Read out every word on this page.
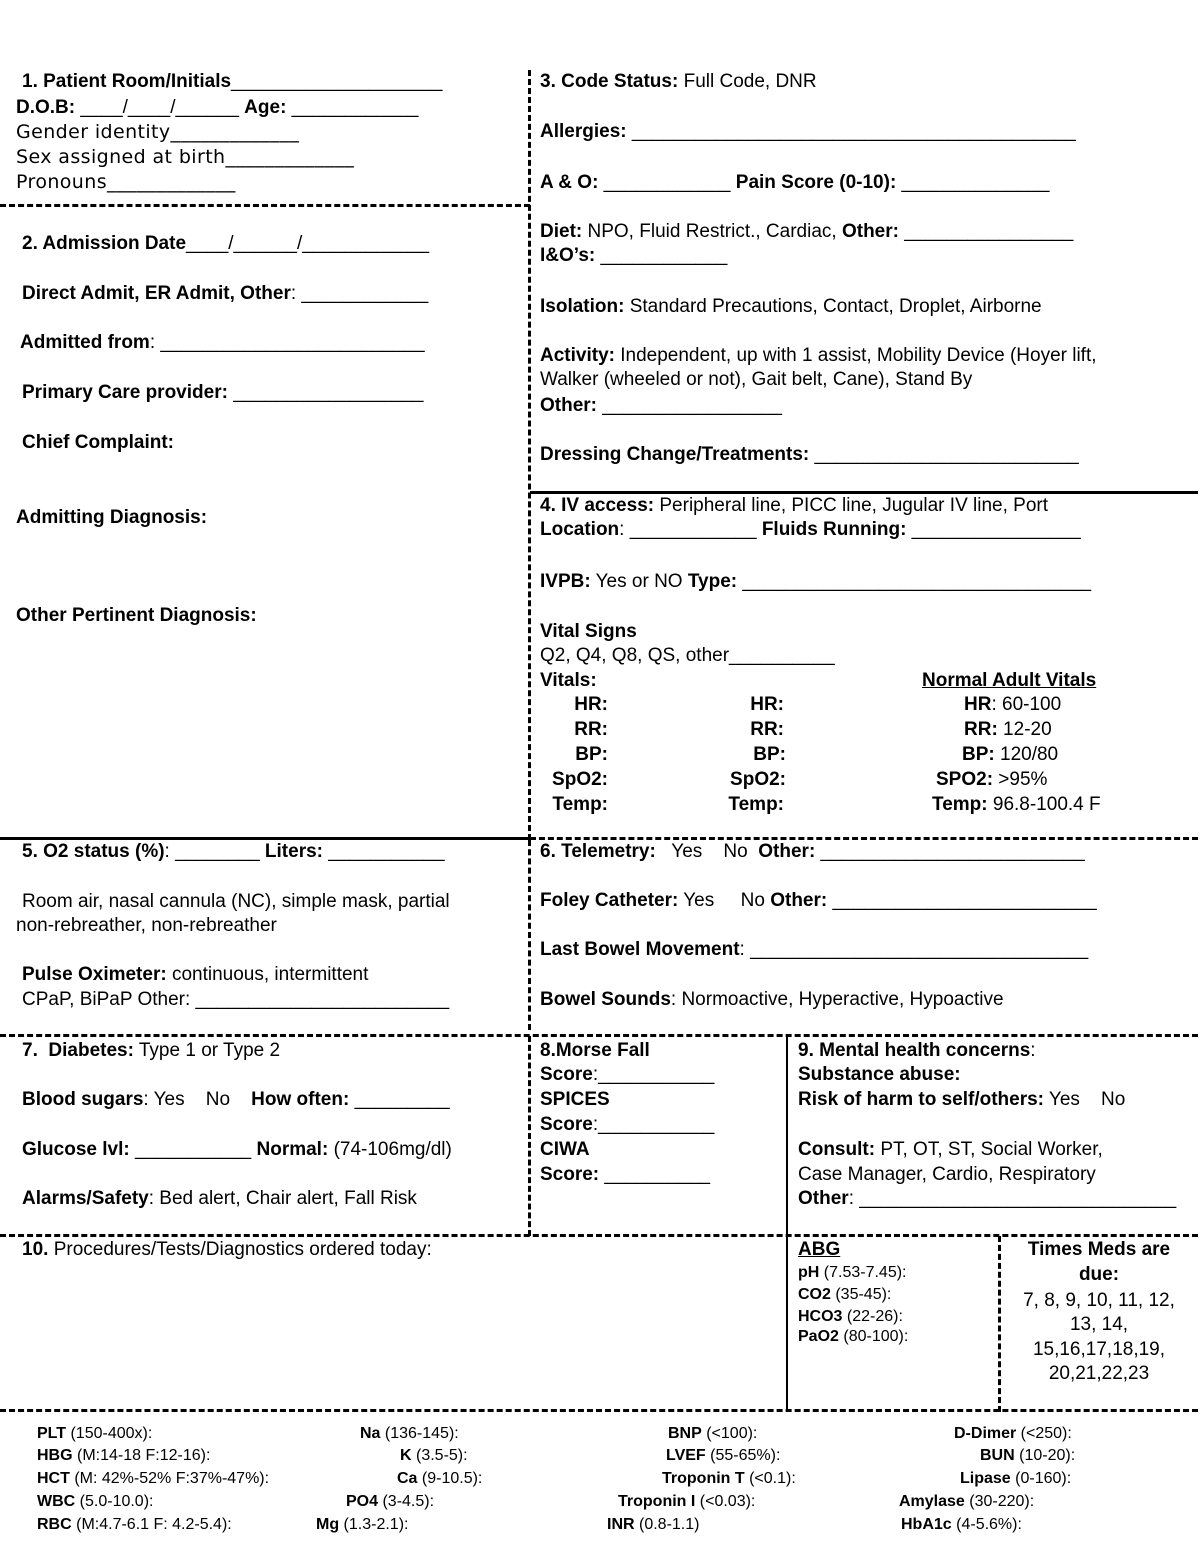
1. Patient Room/Initials____________________
D.O.B: ____/____/______ Age: ____________
Gender identity_____________
Sex assigned at birth_____________
Pronouns_____________
2. Admission Date____/______/____________
Direct Admit, ER Admit, Other: ____________
Admitted from: _________________________
Primary Care provider: __________________
Chief Complaint:
Admitting Diagnosis:
Other Pertinent Diagnosis:
3. Code Status: Full Code, DNR
Allergies: __________________________________________
A & O: ____________ Pain Score (0-10): ______________
Diet: NPO, Fluid Restrict., Cardiac, Other: ________________
I&O’s: ____________
Isolation: Standard Precautions, Contact, Droplet, Airborne
Activity: Independent, up with 1 assist, Mobility Device (Hoyer lift,
Walker (wheeled or not), Gait belt, Cane), Stand By
Other: _________________
Dressing Change/Treatments: _________________________
4. IV access: Peripheral line, PICC line, Jugular IV line, Port
Location: ____________ Fluids Running: ________________
IVPB: Yes or NO Type: _________________________________
Vital Signs
Q2, Q4, Q8, QS, other__________
Vitals:
HR:
RR:
BP:
SpO2:
Temp:
HR:
RR:
BP:
SpO2:
Temp:
Normal Adult Vitals
HR: 60-100
RR: 12-20
BP: 120/80
SPO2: >95%
Temp: 96.8-100.4 F
5. O2 status (%): ________ Liters: ___________
Room air, nasal cannula (NC), simple mask, partial
non-rebreather, non-rebreather
Pulse Oximeter: continuous, intermittent
CPaP, BiPaP Other: ________________________
6. Telemetry:   Yes    No  Other: _________________________
Foley Catheter: Yes     No Other: _________________________
Last Bowel Movement: ________________________________
Bowel Sounds: Normoactive, Hyperactive, Hypoactive
7.  Diabetes: Type 1 or Type 2
Blood sugars: Yes    No    How often: _________
Glucose lvl: ___________ Normal: (74-106mg/dl)
Alarms/Safety: Bed alert, Chair alert, Fall Risk
8.Morse Fall
Score:___________
SPICES
Score:___________
CIWA
Score: __________
9. Mental health concerns:
Substance abuse:
Risk of harm to self/others: Yes    No
Consult: PT, OT, ST, Social Worker,
Case Manager, Cardio, Respiratory
Other: ______________________________
10. Procedures/Tests/Diagnostics ordered today:	ABG
pH (7.53-7.45):
CO2 (35-45):
HCO3 (22-26):
PaO2 (80-100):
Times Meds are
due:
7, 8, 9, 10, 11, 12,
13, 14,
15,16,17,18,19,
20,21,22,23
PLT (150-400x):
HBG (M:14-18 F:12-16):
HCT (M: 42%-52% F:37%-47%):
WBC (5.0-10.0):
RBC (M:4.7-6.1 F: 4.2-5.4):
Na (136-145):
K (3.5-5):
Ca (9-10.5):
PO4 (3-4.5):
Mg (1.3-2.1):
BNP (<100):
LVEF (55-65%):
Troponin T (<0.1):
Troponin I (<0.03):
INR (0.8-1.1)
D-Dimer (<250):
BUN (10-20):
Lipase (0-160):
Amylase (30-220):
HbA1c (4-5.6%):
